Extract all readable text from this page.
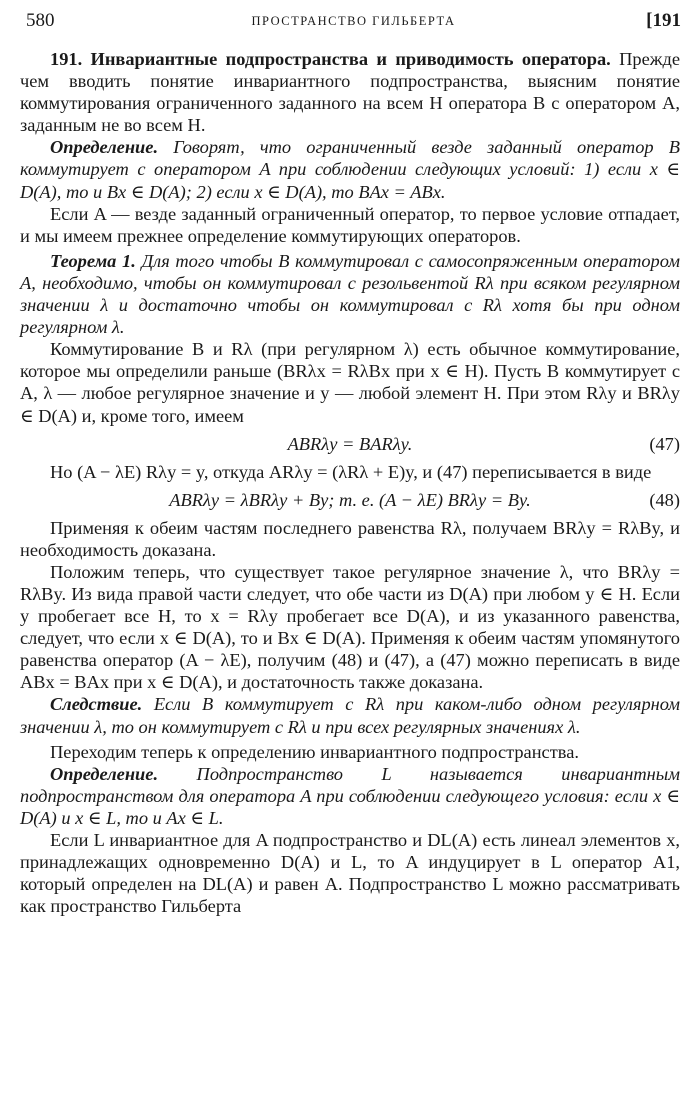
580	ПРОСТРАНСТВО ГИЛЬБЕРТА	[191

191. Инвариантные подпространства и приводимость оператора. Прежде чем вводить понятие инвариантного подпространства, выясним понятие коммутирования ограниченного заданного на всем H оператора B с оператором A, заданным не во всем H.

Определение. Говорят, что ограниченный везде заданный оператор B коммутирует с оператором A при соблюдении следующих условий: 1) если x ∈ D(A), то и Bx ∈ D(A); 2) если x ∈ D(A), то BAx = ABx.

Если A — везде заданный ограниченный оператор, то первое условие отпадает, и мы имеем прежнее определение коммутирующих операторов.

Теорема 1. Для того чтобы B коммутировал с самосопряженным оператором A, необходимо, чтобы он коммутировал с резольвентой Rλ при всяком регулярном значении λ и достаточно чтобы он коммутировал с Rλ хотя бы при одном регулярном λ.

Коммутирование B и Rλ (при регулярном λ) есть обычное коммутирование, которое мы определили раньше (BRλx = RλBx при x ∈ H). Пусть B коммутирует с A, λ — любое регулярное значение и y — любой элемент H. При этом Rλy и BRλy ∈ D(A) и, кроме того, имеем

ABRλy = BARλy.	(47)

Но (A − λE) Rλy = y, откуда ARλy = (λRλ + E)y, и (47) переписывается в виде

ABRλy = λBRλy + By; т. е. (A − λE) BRλy = By.	(48)

Применяя к обеим частям последнего равенства Rλ, получаем BRλy = RλBy, и необходимость доказана.

Положим теперь, что существует такое регулярное значение λ, что BRλy = RλBy. Из вида правой части следует, что обе части из D(A) при любом y ∈ H. Если y пробегает все H, то x = Rλy пробегает все D(A), и из указанного равенства, следует, что если x ∈ D(A), то и Bx ∈ D(A). Применяя к обеим частям упомянутого равенства оператор (A − λE), получим (48) и (47), а (47) можно переписать в виде ABx = BAx при x ∈ D(A), и достаточность также доказана.

Следствие. Если B коммутирует с Rλ при каком-либо одном регулярном значении λ, то он коммутирует с Rλ и при всех регулярных значениях λ.

Переходим теперь к определению инвариантного подпространства.

Определение. Подпространство L называется инвариантным подпространством для оператора A при соблюдении следующего условия: если x ∈ D(A) и x ∈ L, то и Ax ∈ L.

Если L инвариантное для A подпространство и DL(A) есть линеал элементов x, принадлежащих одновременно D(A) и L, то A индуцирует в L оператор A1, который определен на DL(A) и равен A. Подпространство L можно рассматривать как пространство Гильберта
